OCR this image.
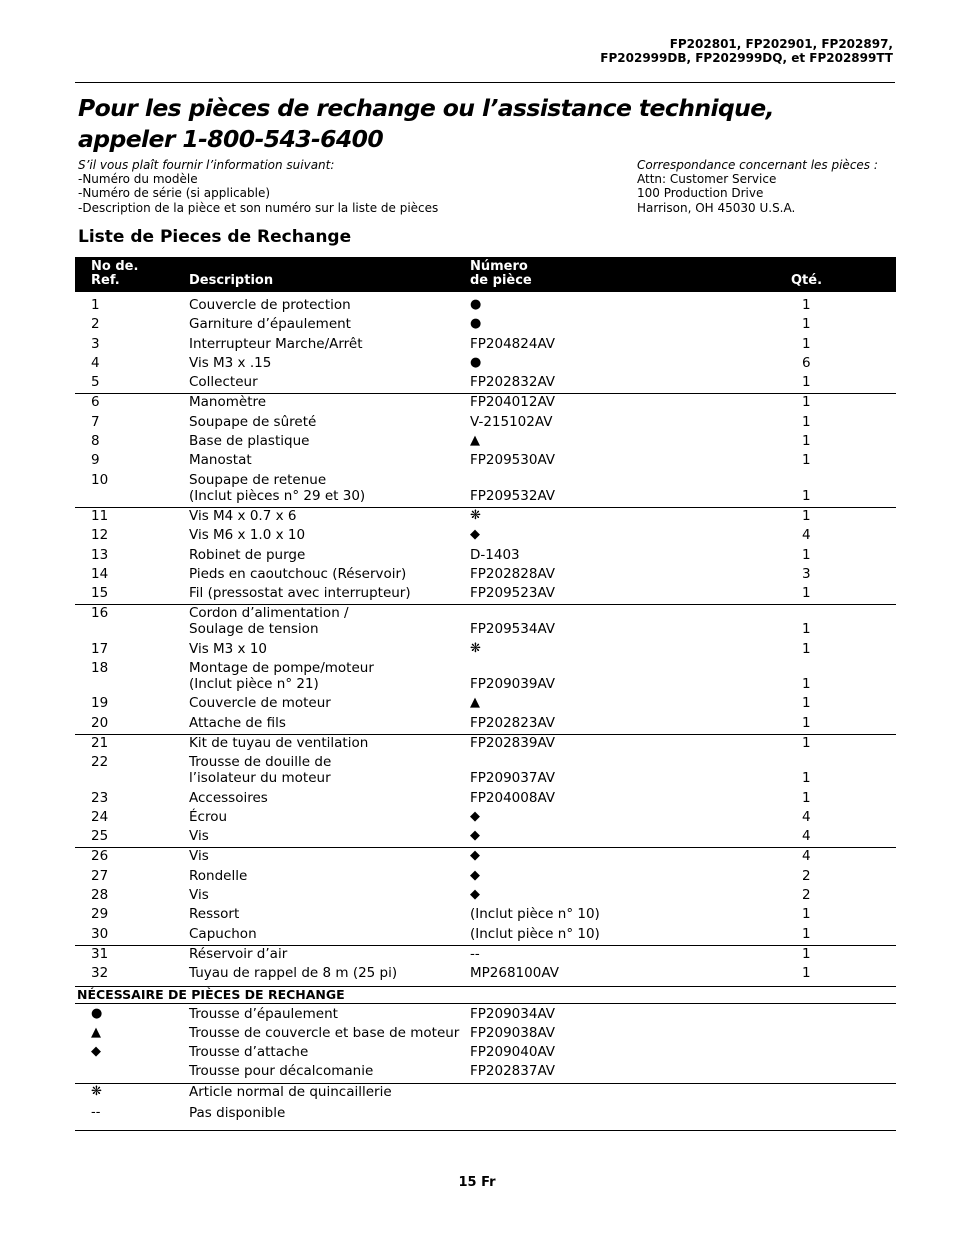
FP202801, FP202901, FP202897,
FP202999DB, FP202999DQ, et FP202899TT
Pour les pièces de rechange ou l’assistance technique,
appeler 1-800-543-6400
S’il vous plaît fournir l’information suivant:
-Numéro du modèle
-Numéro de série (si applicable)
-Description de la pièce et son numéro sur la liste de pièces
Correspondance concernant les pièces :
Attn: Customer Service
100 Production Drive
Harrison, OH 45030 U.S.A.
Liste de Pieces de Rechange
No de.
Ref.	Description
Número
de pièce	Qté.
1	Couvercle de protection	●	1
2	Garniture d’épaulement	●	1
3	Interrupteur Marche/Arrêt	FP204824AV	1
4	Vis M3 x .15	●	6
5	Collecteur	FP202832AV	1
6	Manomètre	FP204012AV	1
7	Soupape de sûreté	V-215102AV	1
8	Base de plastique	▲	1
9	Manostat	FP209530AV	1
10	Soupape de retenue
(Inclut pièces n° 29 et 30)	FP209532AV	1
11	Vis M4 x 0.7 x 6	❋	1
12	Vis M6 x 1.0 x 10	◆	4
13	Robinet de purge	D-1403	1
14	Pieds en caoutchouc (Réservoir)	FP202828AV	3
15	Fil (pressostat avec interrupteur)	FP209523AV	1
16	Cordon d’alimentation /
Soulage de tension	FP209534AV	1
17	Vis M3 x 10	❋	1
18	Montage de pompe/moteur
(Inclut pièce n° 21)	FP209039AV	1
19	Couvercle de moteur	▲	1
20	Attache de fils	FP202823AV	1
21	Kit de tuyau de ventilation	FP202839AV	1
22	Trousse de douille de
l’isolateur du moteur	FP209037AV	1
23	Accessoires	FP204008AV	1
24	Écrou	◆	4
25	Vis	◆	4
26	Vis	◆	4
27	Rondelle	◆	2
28	Vis	◆	2
29	Ressort	(Inclut pièce n° 10)	1
30	Capuchon	(Inclut pièce n° 10)	1
31	Réservoir d’air	--	1
32	Tuyau de rappel de 8 m (25 pi)	MP268100AV	1
NÉCESSAIRE DE PIÈCES DE RECHANGE
●	Trousse d’épaulement	FP209034AV
▲	Trousse de couvercle et base de moteur FP209038AV
◆	Trousse d’attache	FP209040AV
Trousse pour décalcomanie	FP202837AV
❋	Article normal de quincaillerie
--	Pas disponible
15 Fr
